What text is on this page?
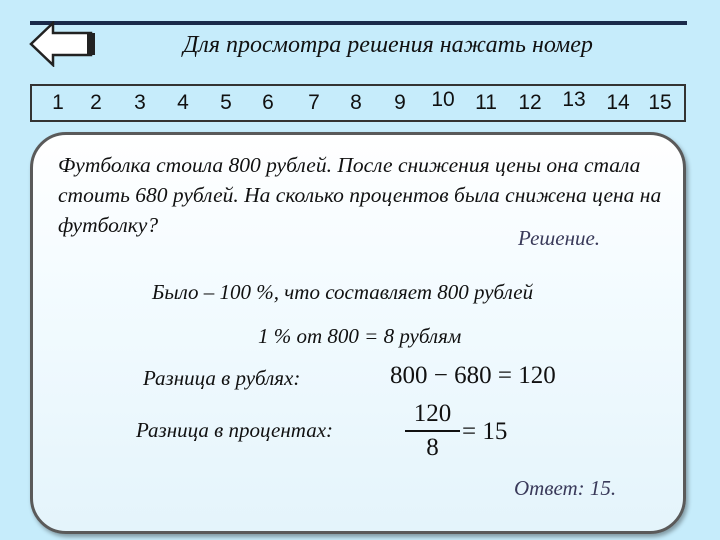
Для просмотра решения нажать номер
1	2	3	4	5	6	7	8	9	10 11	12 13 14 15
Футболка стоила 800 рублей. После снижения цены она стала стоить 680 рублей. На сколько процентов была снижена цена на футболку?
Решение.
Было – 100 %, что составляет 800 рублей
1 % от 800 = 8 рублям
Разница в рублях:	800 − 680 = 120
Разница в процентах:
120
8
= 15
Ответ: 15.
